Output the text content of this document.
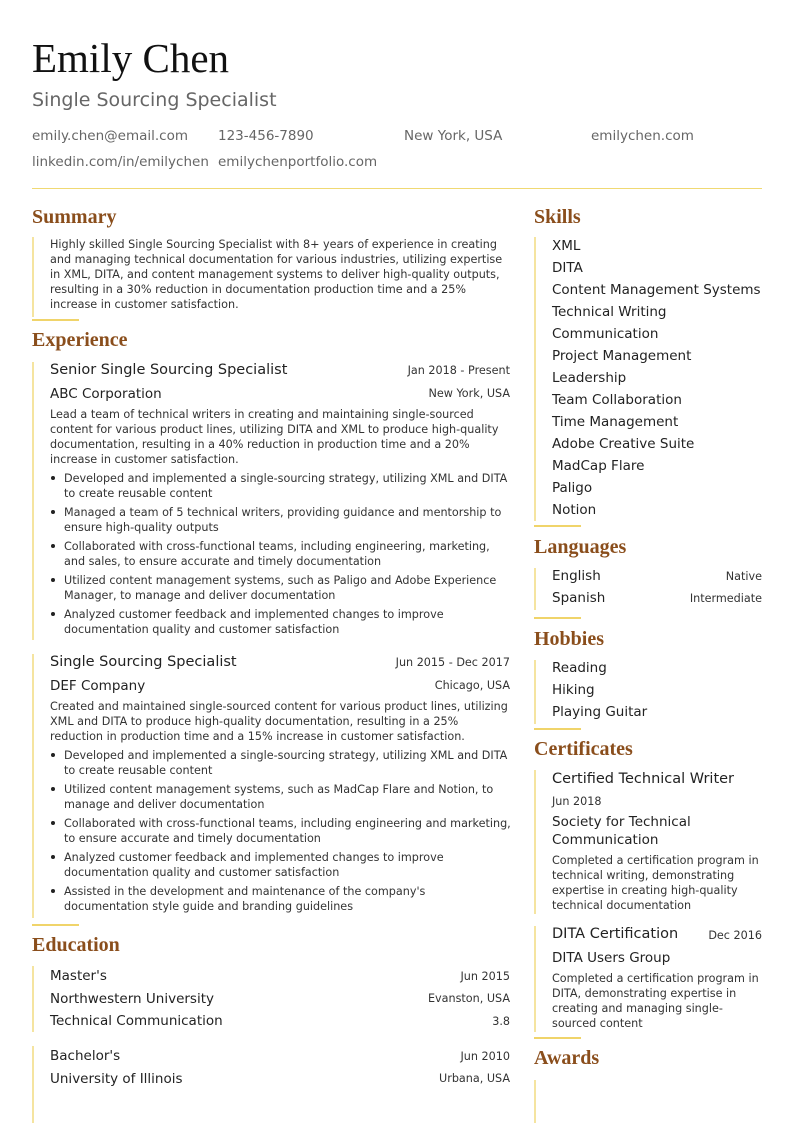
Emily Chen
Single Sourcing Specialist
emily.chen@email.com 123-456-7890	New York, USA	emilychen.com
linkedin.com/in/emilychen emilychenportfolio.com
Summary
Highly skilled Single Sourcing Specialist with 8+ years of experience in creating and managing technical documentation for various industries, utilizing expertise in XML, DITA, and content management systems to deliver high-quality outputs, resulting in a 30% reduction in documentation production time and a 25% increase in customer satisfaction.
Experience
Senior Single Sourcing Specialist	Jan 2018 - Present
ABC Corporation	New York, USA
Lead a team of technical writers in creating and maintaining single-sourced content for various product lines, utilizing DITA and XML to produce high-quality documentation, resulting in a 40% reduction in production time and a 20% increase in customer satisfaction.
Developed and implemented a single-sourcing strategy, utilizing XML and DITA to create reusable content
Managed a team of 5 technical writers, providing guidance and mentorship to ensure high-quality outputs
Collaborated with cross-functional teams, including engineering, marketing, and sales, to ensure accurate and timely documentation
Utilized content management systems, such as Paligo and Adobe Experience Manager, to manage and deliver documentation
Analyzed customer feedback and implemented changes to improve documentation quality and customer satisfaction
Single Sourcing Specialist	Jun 2015 - Dec 2017
DEF Company	Chicago, USA
Created and maintained single-sourced content for various product lines, utilizing XML and DITA to produce high-quality documentation, resulting in a 25% reduction in production time and a 15% increase in customer satisfaction.
Developed and implemented a single-sourcing strategy, utilizing XML and DITA to create reusable content
Utilized content management systems, such as MadCap Flare and Notion, to manage and deliver documentation
Collaborated with cross-functional teams, including engineering and marketing, to ensure accurate and timely documentation
Analyzed customer feedback and implemented changes to improve documentation quality and customer satisfaction
Assisted in the development and maintenance of the company's documentation style guide and branding guidelines
Education
Master's	Jun 2015
Northwestern University	Evanston, USA
Technical Communication	3.8
Bachelor's	Jun 2010
University of Illinois	Urbana, USA
Skills
XML
DITA
Content Management Systems
Technical Writing
Communication
Project Management
Leadership
Team Collaboration
Time Management
Adobe Creative Suite
MadCap Flare
Paligo
Notion
Languages
English	Native
Spanish	Intermediate
Hobbies
Reading
Hiking
Playing Guitar
Certificates
Certified Technical Writer
Jun 2018
Society for Technical Communication
Completed a certification program in technical writing, demonstrating expertise in creating high-quality technical documentation
DITA Certification	Dec 2016
DITA Users Group
Completed a certification program in DITA, demonstrating expertise in creating and managing single-sourced content
Awards
